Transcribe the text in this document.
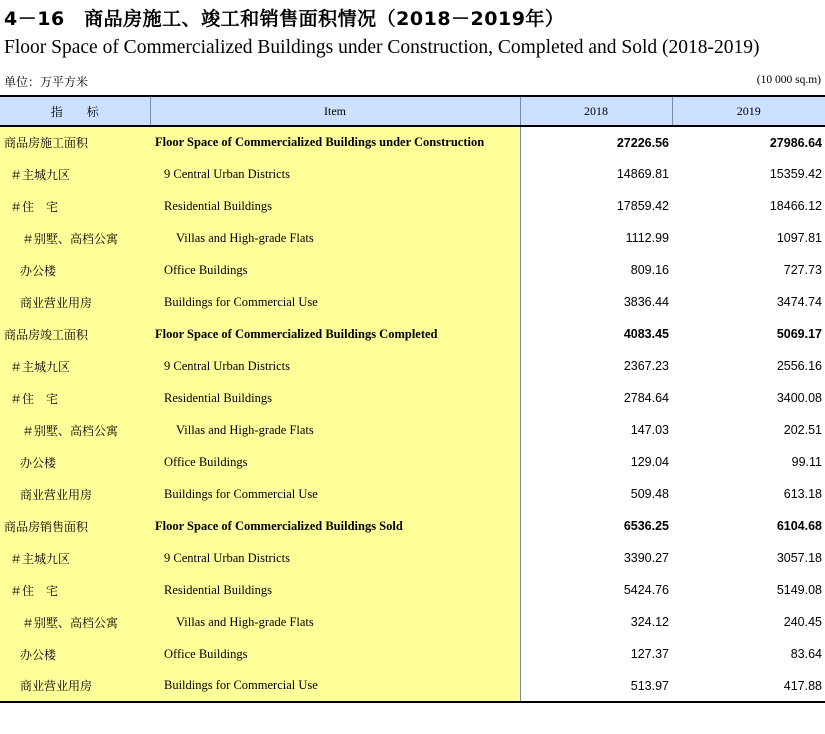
4－16　商品房施工、竣工和销售面积情况（2018－2019年）
Floor Space of Commercialized Buildings under Construction, Completed and Sold (2018-2019)
单位：万平方米	(10 000 sq.m)
指　　标	Item	2018	2019
商品房施工面积	Floor Space of Commercialized Buildings under Construction	27226.56	27986.64
＃主城九区	9 Central Urban Districts	14869.81	15359.42
＃住　宅	Residential Buildings	17859.42	18466.12
＃别墅、高档公寓	Villas and High-grade Flats	1112.99	1097.81
办公楼	Office Buildings	809.16	727.73
商业营业用房	Buildings for Commercial Use	3836.44	3474.74
商品房竣工面积	Floor Space of Commercialized Buildings Completed	4083.45	5069.17
＃主城九区	9 Central Urban Districts	2367.23	2556.16
＃住　宅	Residential Buildings	2784.64	3400.08
＃别墅、高档公寓	Villas and High-grade Flats	147.03	202.51
办公楼	Office Buildings	129.04	99.11
商业营业用房	Buildings for Commercial Use	509.48	613.18
商品房销售面积	Floor Space of Commercialized Buildings Sold	6536.25	6104.68
＃主城九区	9 Central Urban Districts	3390.27	3057.18
＃住　宅	Residential Buildings	5424.76	5149.08
＃别墅、高档公寓	Villas and High-grade Flats	324.12	240.45
办公楼	Office Buildings	127.37	83.64
商业营业用房	Buildings for Commercial Use	513.97	417.88
